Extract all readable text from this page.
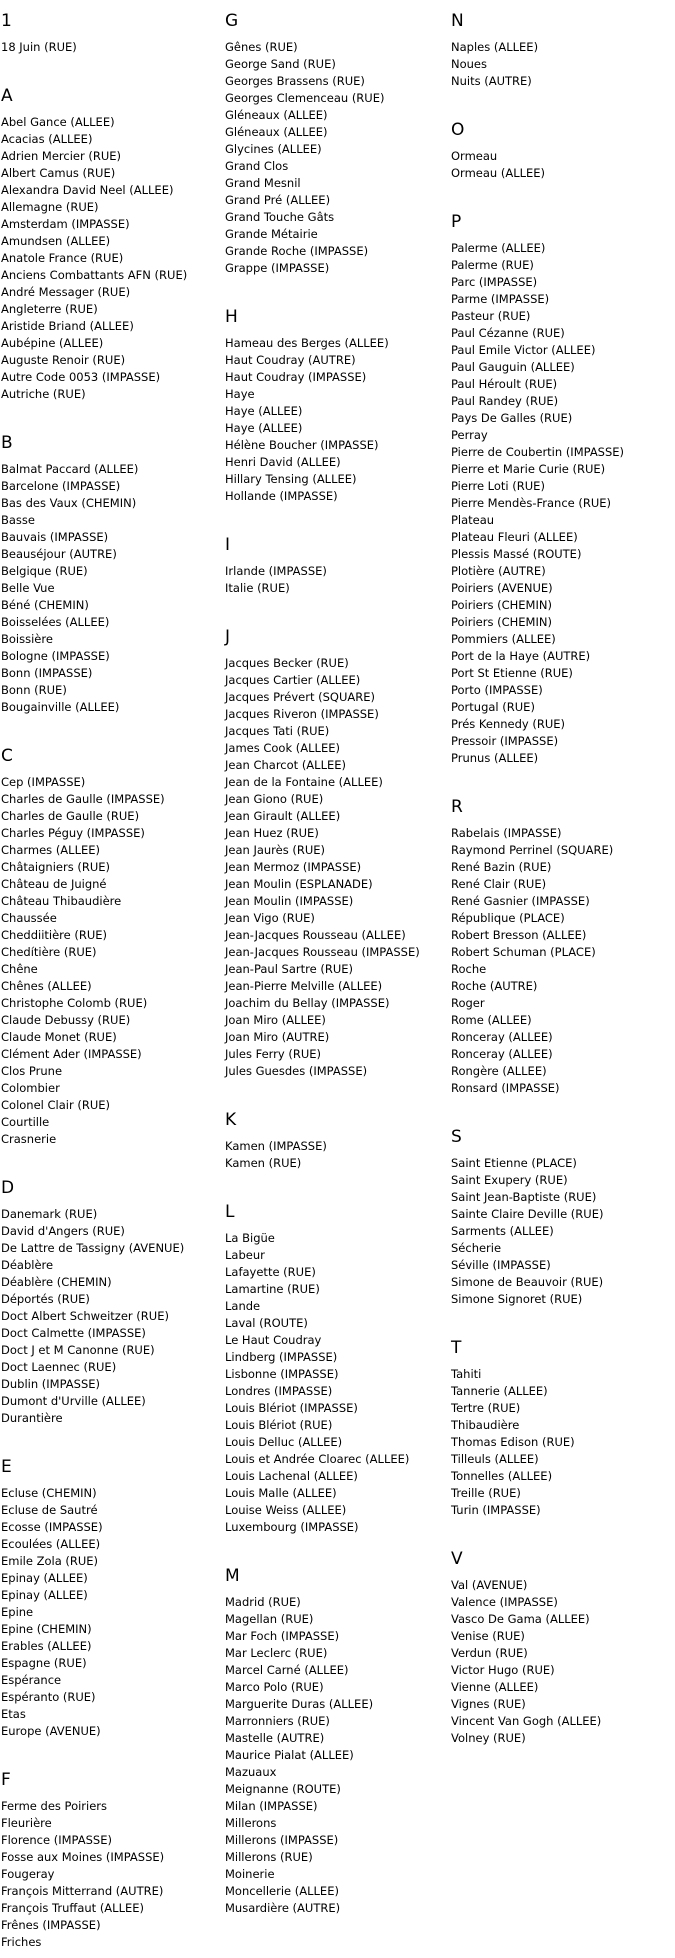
1
18 Juin (RUE)
A
Abel Gance (ALLEE)
Acacias (ALLEE)
Adrien Mercier (RUE)
Albert Camus (RUE)
Alexandra David Neel (ALLEE)
Allemagne (RUE)
Amsterdam (IMPASSE)
Amundsen (ALLEE)
Anatole France (RUE)
Anciens Combattants AFN (RUE)
André Messager (RUE)
Angleterre (RUE)
Aristide Briand (ALLEE)
Aubépine (ALLEE)
Auguste Renoir (RUE)
Autre Code 0053 (IMPASSE)
Autriche (RUE)
B
Balmat Paccard (ALLEE)
Barcelone (IMPASSE)
Bas des Vaux (CHEMIN)
Basse
Bauvais (IMPASSE)
Beauséjour (AUTRE)
Belgique (RUE)
Belle Vue
Béné (CHEMIN)
Boisselées (ALLEE)
Boissière
Bologne (IMPASSE)
Bonn (IMPASSE)
Bonn (RUE)
Bougainville (ALLEE)
C
Cep (IMPASSE)
Charles de Gaulle (IMPASSE)
Charles de Gaulle (RUE)
Charles Péguy (IMPASSE)
Charmes (ALLEE)
Châtaigniers (RUE)
Château de Juigné
Château Thibaudière
Chaussée
Cheddiitière (RUE)
Chedítière (RUE)
Chêne
Chênes (ALLEE)
Christophe Colomb (RUE)
Claude Debussy (RUE)
Claude Monet (RUE)
Clément Ader (IMPASSE)
Clos Prune
Colombier
Colonel Clair (RUE)
Courtille
Crasnerie
D
Danemark (RUE)
David d'Angers (RUE)
De Lattre de Tassigny (AVENUE)
Déablère
Déablère (CHEMIN)
Déportés (RUE)
Doct Albert Schweitzer (RUE)
Doct Calmette (IMPASSE)
Doct J et M Canonne (RUE)
Doct Laennec (RUE)
Dublin (IMPASSE)
Dumont d'Urville (ALLEE)
Durantière
E
Ecluse (CHEMIN)
Ecluse de Sautré
Ecosse (IMPASSE)
Ecoulées (ALLEE)
Emile Zola (RUE)
Epinay (ALLEE)
Epinay (ALLEE)
Epine
Epine (CHEMIN)
Erables (ALLEE)
Espagne (RUE)
Espérance
Espéranto (RUE)
Etas
Europe (AVENUE)
F
Ferme des Poiriers
Fleurière
Florence (IMPASSE)
Fosse aux Moines (IMPASSE)
Fougeray
François Mitterrand (AUTRE)
François Truffaut (ALLEE)
Frênes (IMPASSE)
Friches
G
Gênes (RUE)
George Sand (RUE)
Georges Brassens (RUE)
Georges Clemenceau (RUE)
Gléneaux (ALLEE)
Gléneaux (ALLEE)
Glycines (ALLEE)
Grand Clos
Grand Mesnil
Grand Pré (ALLEE)
Grand Touche Gâts
Grande Métairie
Grande Roche (IMPASSE)
Grappe (IMPASSE)
H
Hameau des Berges (ALLEE)
Haut Coudray (AUTRE)
Haut Coudray (IMPASSE)
Haye
Haye (ALLEE)
Haye (ALLEE)
Hélène Boucher (IMPASSE)
Henri David (ALLEE)
Hillary Tensing (ALLEE)
Hollande (IMPASSE)
I
Irlande (IMPASSE)
Italie (RUE)
J
Jacques Becker (RUE)
Jacques Cartier (ALLEE)
Jacques Prévert (SQUARE)
Jacques Riveron (IMPASSE)
Jacques Tati (RUE)
James Cook (ALLEE)
Jean Charcot (ALLEE)
Jean de la Fontaine (ALLEE)
Jean Giono (RUE)
Jean Girault (ALLEE)
Jean Huez (RUE)
Jean Jaurès (RUE)
Jean Mermoz (IMPASSE)
Jean Moulin (ESPLANADE)
Jean Moulin (IMPASSE)
Jean Vigo (RUE)
Jean-Jacques Rousseau (ALLEE)
Jean-Jacques Rousseau (IMPASSE)
Jean-Paul Sartre (RUE)
Jean-Pierre Melville (ALLEE)
Joachim du Bellay (IMPASSE)
Joan Miro (ALLEE)
Joan Miro (AUTRE)
Jules Ferry (RUE)
Jules Guesdes (IMPASSE)
K
Kamen (IMPASSE)
Kamen (RUE)
L
La Bigüe
Labeur
Lafayette (RUE)
Lamartine (RUE)
Lande
Laval (ROUTE)
Le Haut Coudray
Lindberg (IMPASSE)
Lisbonne (IMPASSE)
Londres (IMPASSE)
Louis Blériot (IMPASSE)
Louis Blériot (RUE)
Louis Delluc (ALLEE)
Louis et Andrée Cloarec (ALLEE)
Louis Lachenal (ALLEE)
Louis Malle (ALLEE)
Louise Weiss (ALLEE)
Luxembourg (IMPASSE)
M
Madrid (RUE)
Magellan (RUE)
Mar Foch (IMPASSE)
Mar Leclerc (RUE)
Marcel Carné (ALLEE)
Marco Polo (RUE)
Marguerite Duras (ALLEE)
Marronniers (RUE)
Mastelle (AUTRE)
Maurice Pialat (ALLEE)
Mazuaux
Meignanne (ROUTE)
Milan (IMPASSE)
Millerons
Millerons (IMPASSE)
Millerons (RUE)
Moinerie
Moncellerie (ALLEE)
Musardière (AUTRE)
N
Naples (ALLEE)
Noues
Nuits (AUTRE)
O
Ormeau
Ormeau (ALLEE)
P
Palerme (ALLEE)
Palerme (RUE)
Parc (IMPASSE)
Parme (IMPASSE)
Pasteur (RUE)
Paul Cézanne (RUE)
Paul Emile Victor (ALLEE)
Paul Gauguin (ALLEE)
Paul Héroult (RUE)
Paul Randey (RUE)
Pays De Galles (RUE)
Perray
Pierre de Coubertin (IMPASSE)
Pierre et Marie Curie (RUE)
Pierre Loti (RUE)
Pierre Mendès-France (RUE)
Plateau
Plateau Fleuri (ALLEE)
Plessis Massé (ROUTE)
Plotière (AUTRE)
Poiriers (AVENUE)
Poiriers (CHEMIN)
Poiriers (CHEMIN)
Pommiers (ALLEE)
Port de la Haye (AUTRE)
Port St Etienne (RUE)
Porto (IMPASSE)
Portugal (RUE)
Prés Kennedy (RUE)
Pressoir (IMPASSE)
Prunus (ALLEE)
R
Rabelais (IMPASSE)
Raymond Perrinel (SQUARE)
René Bazin (RUE)
René Clair (RUE)
René Gasnier (IMPASSE)
République (PLACE)
Robert Bresson (ALLEE)
Robert Schuman (PLACE)
Roche
Roche (AUTRE)
Roger
Rome (ALLEE)
Ronceray (ALLEE)
Ronceray (ALLEE)
Rongère (ALLEE)
Ronsard (IMPASSE)
S
Saint Etienne (PLACE)
Saint Exupery (RUE)
Saint Jean-Baptiste (RUE)
Sainte Claire Deville (RUE)
Sarments (ALLEE)
Sécherie
Séville (IMPASSE)
Simone de Beauvoir (RUE)
Simone Signoret (RUE)
T
Tahiti
Tannerie (ALLEE)
Tertre (RUE)
Thibaudière
Thomas Edison (RUE)
Tilleuls (ALLEE)
Tonnelles (ALLEE)
Treille (RUE)
Turin (IMPASSE)
V
Val (AVENUE)
Valence (IMPASSE)
Vasco De Gama (ALLEE)
Venise (RUE)
Verdun (RUE)
Victor Hugo (RUE)
Vienne (ALLEE)
Vignes (RUE)
Vincent Van Gogh (ALLEE)
Volney (RUE)
